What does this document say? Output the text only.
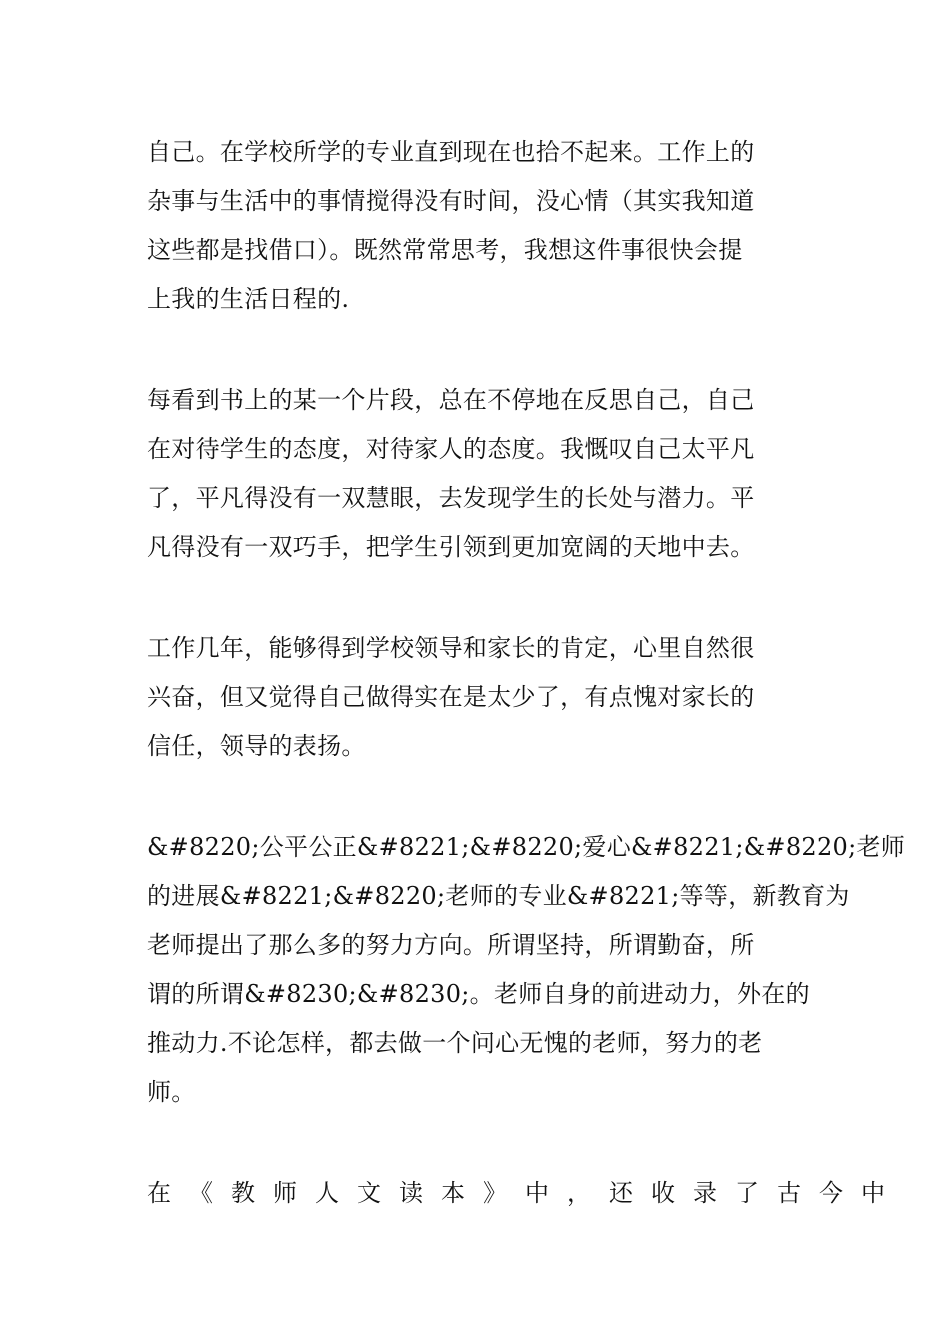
自己。在学校所学的专业直到现在也拾不起来。工作上的
杂事与生活中的事情搅得没有时间，没心情（其实我知道
这些都是找借口）。既然常常思考，我想这件事很快会提
上我的生活日程的.
每看到书上的某一个片段，总在不停地在反思自己，自己
在对待学生的态度，对待家人的态度。我慨叹自己太平凡
了，平凡得没有一双慧眼，去发现学生的长处与潜力。平
凡得没有一双巧手，把学生引领到更加宽阔的天地中去。
工作几年，能够得到学校领导和家长的肯定，心里自然很
兴奋，但又觉得自己做得实在是太少了，有点愧对家长的
信任，领导的表扬。
&#8220;公平公正&#8221;&#8220;爱心&#8221;&#8220;老师
的进展&#8221;&#8220;老师的专业&#8221;等等，新教育为
老师提出了那么多的努力方向。所谓坚持，所谓勤奋，所
谓的所谓&#8230;&#8230;。老师自身的前进动力，外在的
推动力.不论怎样，都去做一个问心无愧的老师，努力的老
师。
在《教师人文读本》中，还收录了古今中
